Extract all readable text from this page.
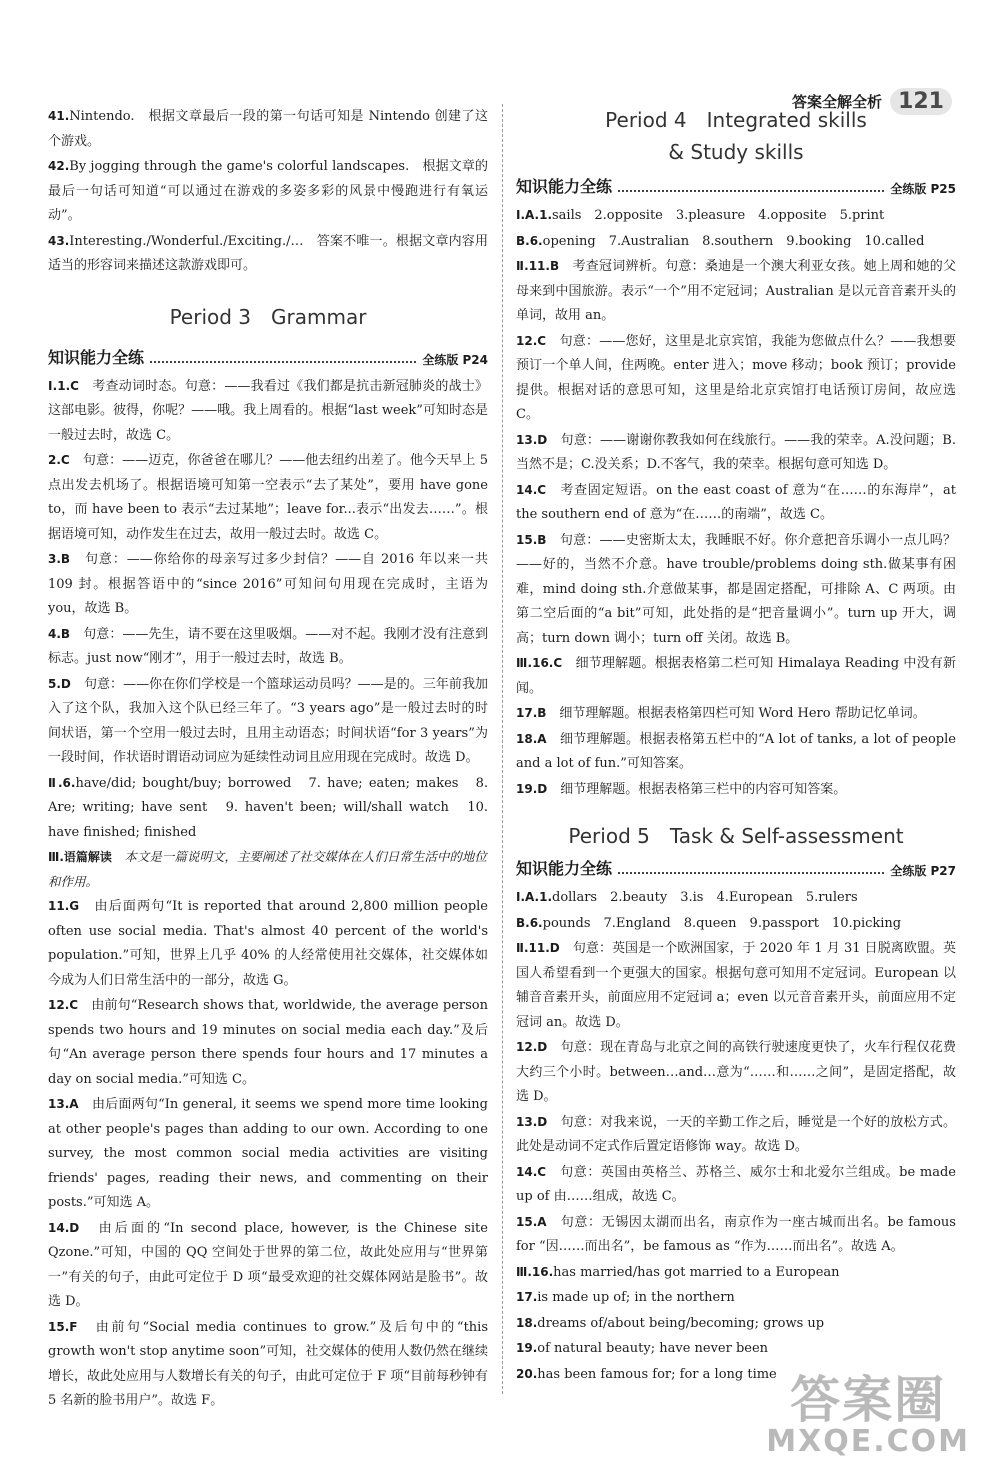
答案全解全析 121
41.Nintendo.　根据文章最后一段的第一句话可知是 Nintendo 创建了这个游戏。
42.By jogging through the game's colorful landscapes.　根据文章的最后一句话可知道“可以通过在游戏的多姿多彩的风景中慢跑进行有氧运动”。
43.Interesting./Wonderful./Exciting./…　答案不唯一。根据文章内容用适当的形容词来描述这款游戏即可。
Period 3　Grammar
知识能力全练	全练版 P24
Ⅰ.1.C　 考查动词时态。句意：——我看过《我们都是抗击新冠肺炎的战士》这部电影。彼得，你呢？——哦。我上周看的。根据“last week”可知时态是一般过去时，故选 C。
2.C　 句意：——迈克，你爸爸在哪儿？——他去纽约出差了。他今天早上 5 点出发去机场了。根据语境可知第一空表示“去了某处”，要用 have gone to，而 have been to 表示“去过某地”；leave for...表示“出发去……”。根据语境可知，动作发生在过去，故用一般过去时。故选 C。
3.B　 句意：——你给你的母亲写过多少封信？——自 2016 年以来一共 109 封。根据答语中的“since 2016”可知问句用现在完成时，主语为 you，故选 B。
4.B　 句意：——先生，请不要在这里吸烟。——对不起。我刚才没有注意到标志。just now“刚才”，用于一般过去时，故选 B。
5.D　 句意：——你在你们学校是一个篮球运动员吗？——是的。三年前我加入了这个队，我加入这个队已经三年了。“3 years ago”是一般过去时的时间状语，第一个空用一般过去时，且用主动语态；时间状语“for 3 years”为一段时间，作状语时谓语动词应为延续性动词且应用现在完成时。故选 D。
Ⅱ.6.have/did; bought/buy; borrowed　7. have; eaten; makes　8. Are; writing; have sent　9. haven't been; will/shall watch　10. have finished; finished
Ⅲ.语篇解读　 本文是一篇说明文，主要阐述了社交媒体在人们日常生活中的地位和作用。
11.G　 由后面两句“It is reported that around 2,800 million people often use social media. That's almost 40 percent of the world's population.”可知，世界上几乎 40% 的人经常使用社交媒体，社交媒体如今成为人们日常生活中的一部分，故选 G。
12.C　 由前句“Research shows that, worldwide, the average person spends two hours and 19 minutes on social media each day.”及后句“An average person there spends four hours and 17 minutes a day on social media.”可知选 C。
13.A　 由后面两句“In general, it seems we spend more time looking at other people's pages than adding to our own. According to one survey, the most common social media activities are visiting friends' pages, reading their news, and commenting on their posts.”可知选 A。
14.D　 由后面的“In second place, however, is the Chinese site Qzone.”可知，中国的 QQ 空间处于世界的第二位，故此处应用与“世界第一”有关的句子，由此可定位于 D 项“最受欢迎的社交媒体网站是脸书”。故选 D。
15.F　 由前句“Social media continues to grow.”及后句中的“this growth won't stop anytime soon”可知，社交媒体的使用人数仍然在继续增长，故此处应用与人数增长有关的句子，由此可定位于 F 项“目前每秒钟有 5 名新的脸书用户”。故选 F。
Period 4　Integrated skills
& Study skills
知识能力全练	全练版 P25
Ⅰ.A.1.sails　2.opposite　3.pleasure　4.opposite　5.print
B.6.opening　7.Australian　8.southern　9.booking　10.called
Ⅱ.11.B　 考查冠词辨析。句意：桑迪是一个澳大利亚女孩。她上周和她的父母来到中国旅游。表示“一个”用不定冠词；Australian 是以元音音素开头的单词，故用 an。
12.C　 句意：——您好，这里是北京宾馆，我能为您做点什么？——我想要预订一个单人间，住两晚。enter 进入；move 移动；book 预订；provide 提供。根据对话的意思可知，这里是给北京宾馆打电话预订房间，故应选 C。
13.D　 句意：——谢谢你教我如何在线旅行。——我的荣幸。A.没问题；B.当然不是；C.没关系；D.不客气，我的荣幸。根据句意可知选 D。
14.C　 考查固定短语。on the east coast of 意为“在……的东海岸”，at the southern end of 意为“在……的南端”，故选 C。
15.B　 句意：——史密斯太太，我睡眠不好。你介意把音乐调小一点儿吗？——好的，当然不介意。have trouble/problems doing sth.做某事有困难，mind doing sth.介意做某事，都是固定搭配，可排除 A、C 两项。由第二空后面的“a bit”可知，此处指的是“把音量调小”。turn up 开大，调高；turn down 调小；turn off 关闭。故选 B。
Ⅲ.16.C　 细节理解题。根据表格第二栏可知 Himalaya Reading 中没有新闻。
17.B　 细节理解题。根据表格第四栏可知 Word Hero 帮助记忆单词。
18.A　 细节理解题。根据表格第五栏中的“A lot of tanks, a lot of people and a lot of fun.”可知答案。
19.D　 细节理解题。根据表格第三栏中的内容可知答案。
Period 5　Task & Self-assessment
知识能力全练	全练版 P27
Ⅰ.A.1.dollars　2.beauty　3.is　4.European　5.rulers
B.6.pounds　7.England　8.queen　9.passport　10.picking
Ⅱ.11.D　 句意：英国是一个欧洲国家，于 2020 年 1 月 31 日脱离欧盟。英国人希望看到一个更强大的国家。根据句意可知用不定冠词。European 以辅音音素开头，前面应用不定冠词 a；even 以元音音素开头，前面应用不定冠词 an。故选 D。
12.D　 句意：现在青岛与北京之间的高铁行驶速度更快了，火车行程仅花费大约三个小时。between…and…意为“……和……之间”，是固定搭配，故选 D。
13.D　 句意：对我来说，一天的辛勤工作之后，睡觉是一个好的放松方式。此处是动词不定式作后置定语修饰 way。故选 D。
14.C　 句意：英国由英格兰、苏格兰、威尔士和北爱尔兰组成。be made up of 由……组成，故选 C。
15.A　 句意：无锡因太湖而出名，南京作为一座古城而出名。be famous for “因……而出名”，be famous as “作为……而出名”。故选 A。
Ⅲ.16.has married/has got married to a European
17.is made up of; in the northern
18.dreams of/about being/becoming; grows up
19.of natural beauty; have never been
20.has been famous for; for a long time 答案圈
MXQE.COM
